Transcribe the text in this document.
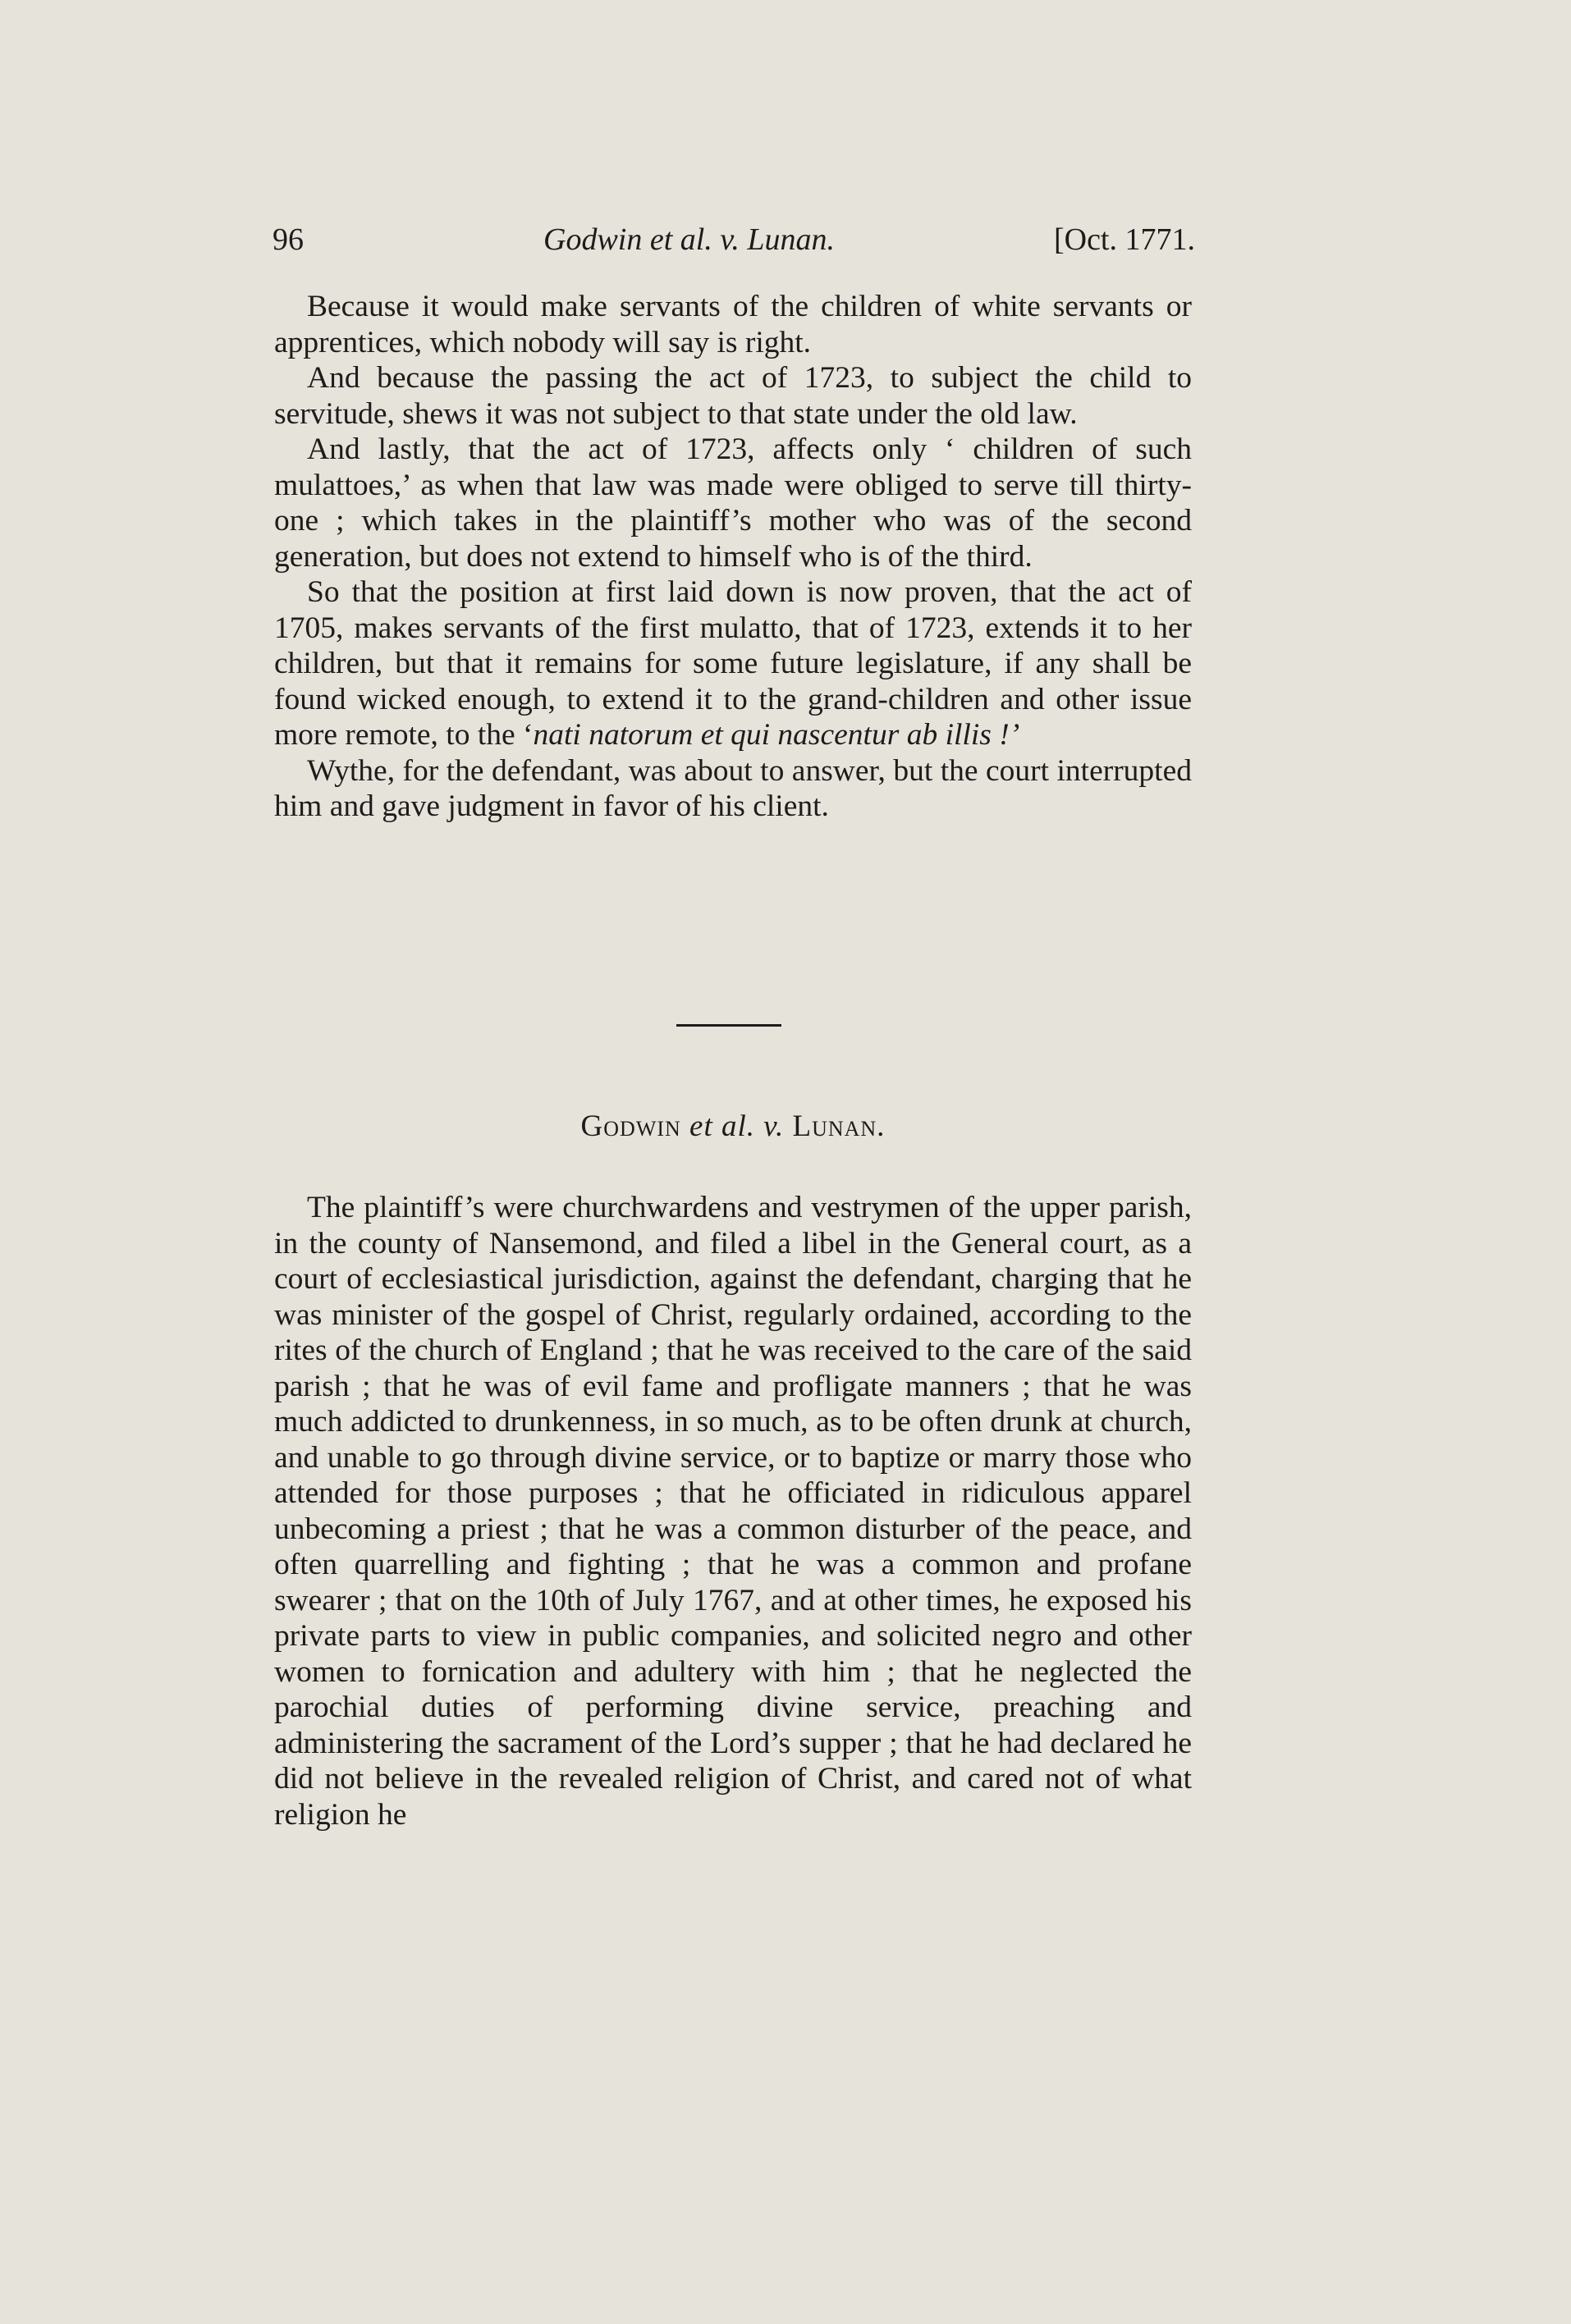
96	Godwin et al. v. Lunan.	[Oct. 1771.

Because it would make servants of the children of white servants or apprentices, which nobody will say is right.

And because the passing the act of 1723, to subject the child to servitude, shews it was not subject to that state under the old law.

And lastly, that the act of 1723, affects only ‘ children of such mulattoes,’ as when that law was made were obliged to serve till thirty-one ; which takes in the plaintiff’s mother who was of the second generation, but does not extend to himself who is of the third.

So that the position at first laid down is now proven, that the act of 1705, makes servants of the first mulatto, that of 1723, extends it to her children, but that it remains for some future legislature, if any shall be found wicked enough, to extend it to the grand-children and other issue more remote, to the ‘nati natorum et qui nascentur ab illis !’

Wythe, for the defendant, was about to answer, but the court interrupted him and gave judgment in favor of his client.

Godwin et al. v. Lunan.

The plaintiff’s were churchwardens and vestrymen of the upper parish, in the county of Nansemond, and filed a libel in the General court, as a court of ecclesiastical jurisdiction, against the defendant, charging that he was minister of the gospel of Christ, regularly ordained, according to the rites of the church of England ; that he was received to the care of the said parish ; that he was of evil fame and profligate manners ; that he was much addicted to drunkenness, in so much, as to be often drunk at church, and unable to go through divine service, or to baptize or marry those who attended for those purposes ; that he officiated in ridiculous apparel unbecoming a priest ; that he was a common disturber of the peace, and often quarrelling and fighting ; that he was a common and profane swearer ; that on the 10th of July 1767, and at other times, he exposed his private parts to view in public companies, and solicited negro and other women to fornication and adultery with him ; that he neglected the parochial duties of performing divine service, preaching and administering the sacrament of the Lord’s supper ; that he had declared he did not believe in the revealed religion of Christ, and cared not of what religion he
